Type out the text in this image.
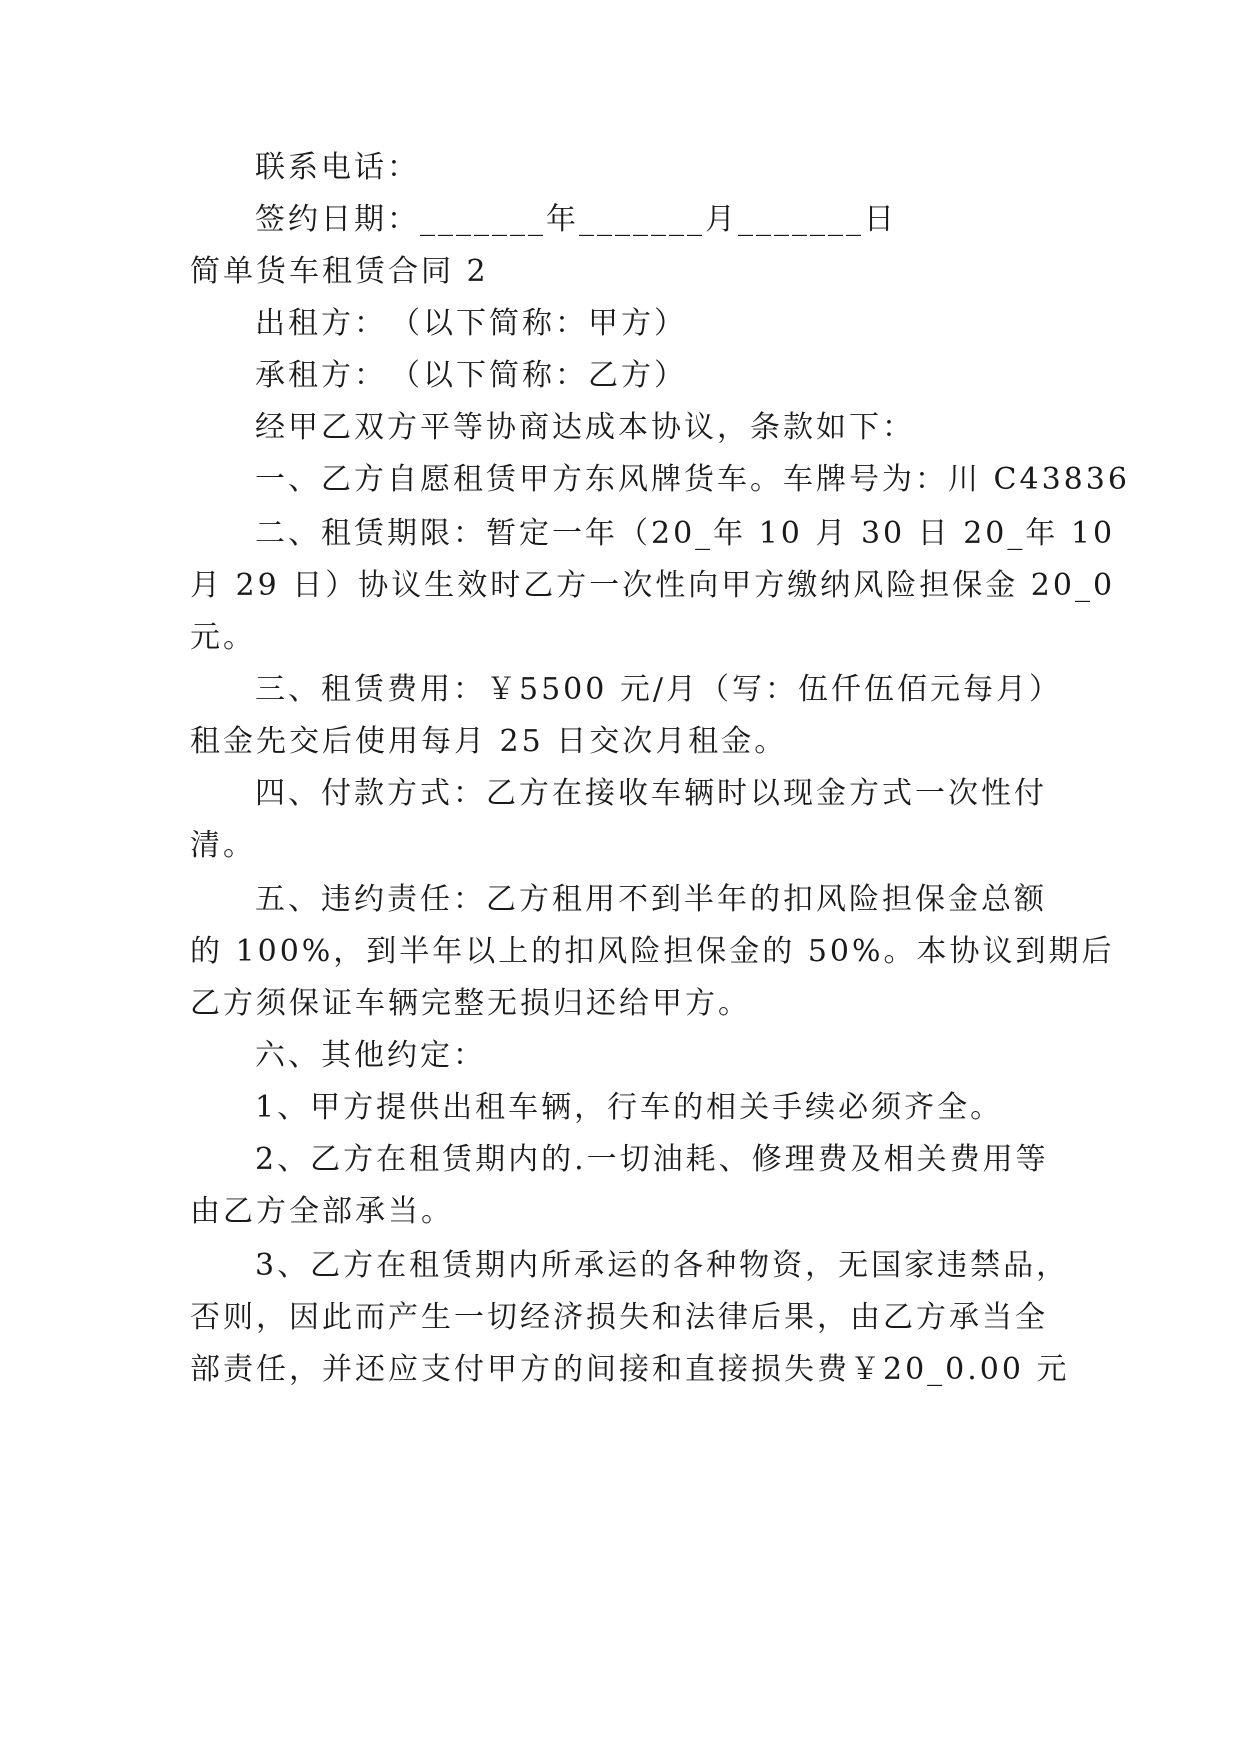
联系电话：
签约日期：_______年_______月_______日
简单货车租赁合同 2
出租方：　（以下简称：甲方）
承租方：　（以下简称：乙方）
经甲乙双方平等协商达成本协议，条款如下：
一、乙方自愿租赁甲方东风牌货车。车牌号为：川 C43836
二、租赁期限：暂定一年（20_年 10 月 30 日 20_年 10
月 29 日）协议生效时乙方一次性向甲方缴纳风险担保金 20_0
元。
三、租赁费用：￥5500 元/月（写：伍仟伍佰元每月）
租金先交后使用每月 25 日交次月租金。
四、付款方式：乙方在接收车辆时以现金方式一次性付
清。
五、违约责任：乙方租用不到半年的扣风险担保金总额
的 100%，到半年以上的扣风险担保金的 50%。本协议到期后
乙方须保证车辆完整无损归还给甲方。
六、其他约定：
1、甲方提供出租车辆，行车的相关手续必须齐全。
2、乙方在租赁期内的.一切油耗、修理费及相关费用等
由乙方全部承当。
3、乙方在租赁期内所承运的各种物资，无国家违禁品，
否则，因此而产生一切经济损失和法律后果，由乙方承当全
部责任，并还应支付甲方的间接和直接损失费￥20_0.00 元
